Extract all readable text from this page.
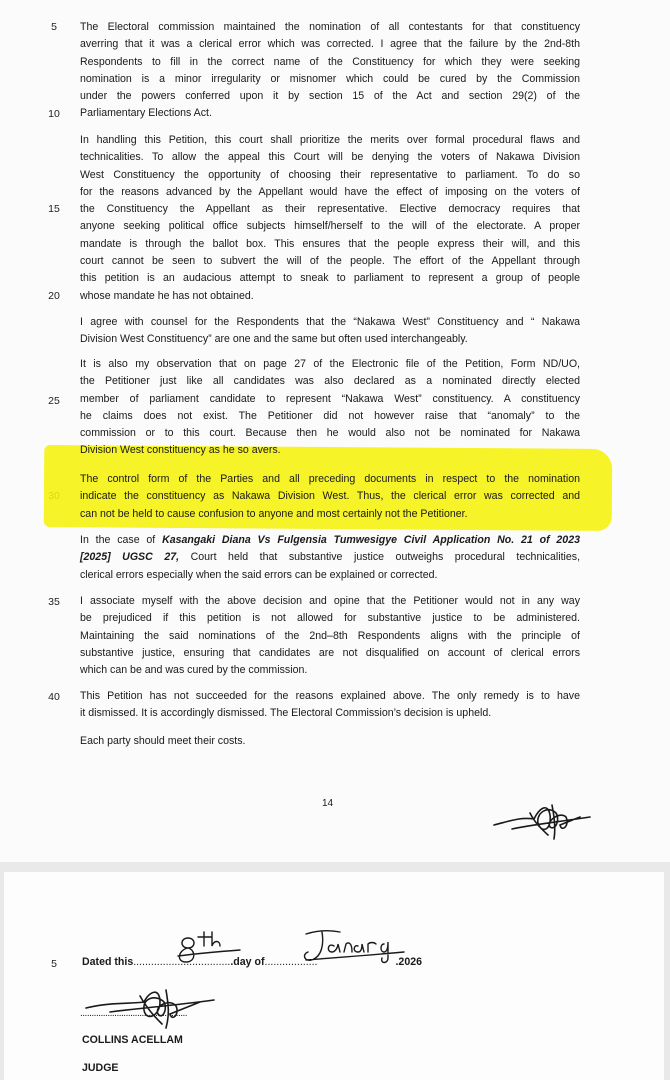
5
10
15
20
25
35
40
The Electoral commission maintained the nomination of all contestants for that constituency
averring that it was a clerical error which was corrected. I agree that the failure by the 2nd-8th
Respondents to fill in the correct name of the Constituency for which they were seeking
nomination is a minor irregularity or misnomer which could be cured by the Commission
under the powers conferred upon it by section 15 of the Act and section 29(2) of the
Parliamentary Elections Act.
In handling this Petition, this court shall prioritize the merits over formal procedural flaws and
technicalities. To allow the appeal this Court will be denying the voters of Nakawa Division
West Constituency the opportunity of choosing their representative to parliament. To do so
for the reasons advanced by the Appellant would have the effect of imposing on the voters of
the Constituency the Appellant as their representative. Elective democracy requires that
anyone seeking political office subjects himself/herself to the will of the electorate. A proper
mandate is through the ballot box. This ensures that the people express their will, and this
court cannot be seen to subvert the will of the people. The effort of the Appellant through
this petition is an audacious attempt to sneak to parliament to represent a group of people
whose mandate he has not obtained.
I agree with counsel for the Respondents that the “Nakawa West” Constituency and “ Nakawa
Division West Constituency” are one and the same but often used interchangeably.
It is also my observation that on page 27 of the Electronic file of the Petition, Form ND/UO,
the Petitioner just like all candidates was also declared as a nominated directly elected
member of parliament candidate to represent “Nakawa West” constituency. A constituency
he claims does not exist. The Petitioner did not however raise that “anomaly” to the
commission or to this court. Because then he would also not be nominated for Nakawa
Division West constituency as he so avers.
The control form of the Parties and all preceding documents in respect to the nomination
indicate the constituency as Nakawa Division West. Thus, the clerical error was corrected and
can not be held to cause confusion to anyone and most certainly not the Petitioner.
In the case of Kasangaki Diana Vs Fulgensia Tumwesigye Civil Application No. 21 of 2023
[2025] UGSC 27, Court held that substantive justice outweighs procedural technicalities,
clerical errors especially when the said errors can be explained or corrected.
I associate myself with the above decision and opine that the Petitioner would not in any way
be prejudiced if this petition is not allowed for substantive justice to be administered.
Maintaining the said nominations of the 2nd–8th Respondents aligns with the principle of
substantive justice, ensuring that candidates are not disqualified on account of clerical errors
which can be and was cured by the commission.
This Petition has not succeeded for the reasons explained above. The only remedy is to have
it dismissed. It is accordingly dismissed. The Electoral Commission’s decision is upheld.
Each party should meet their costs.
14
5	Dated this..................................day of..................	.2026
...............................................
COLLINS ACELLAM
JUDGE
